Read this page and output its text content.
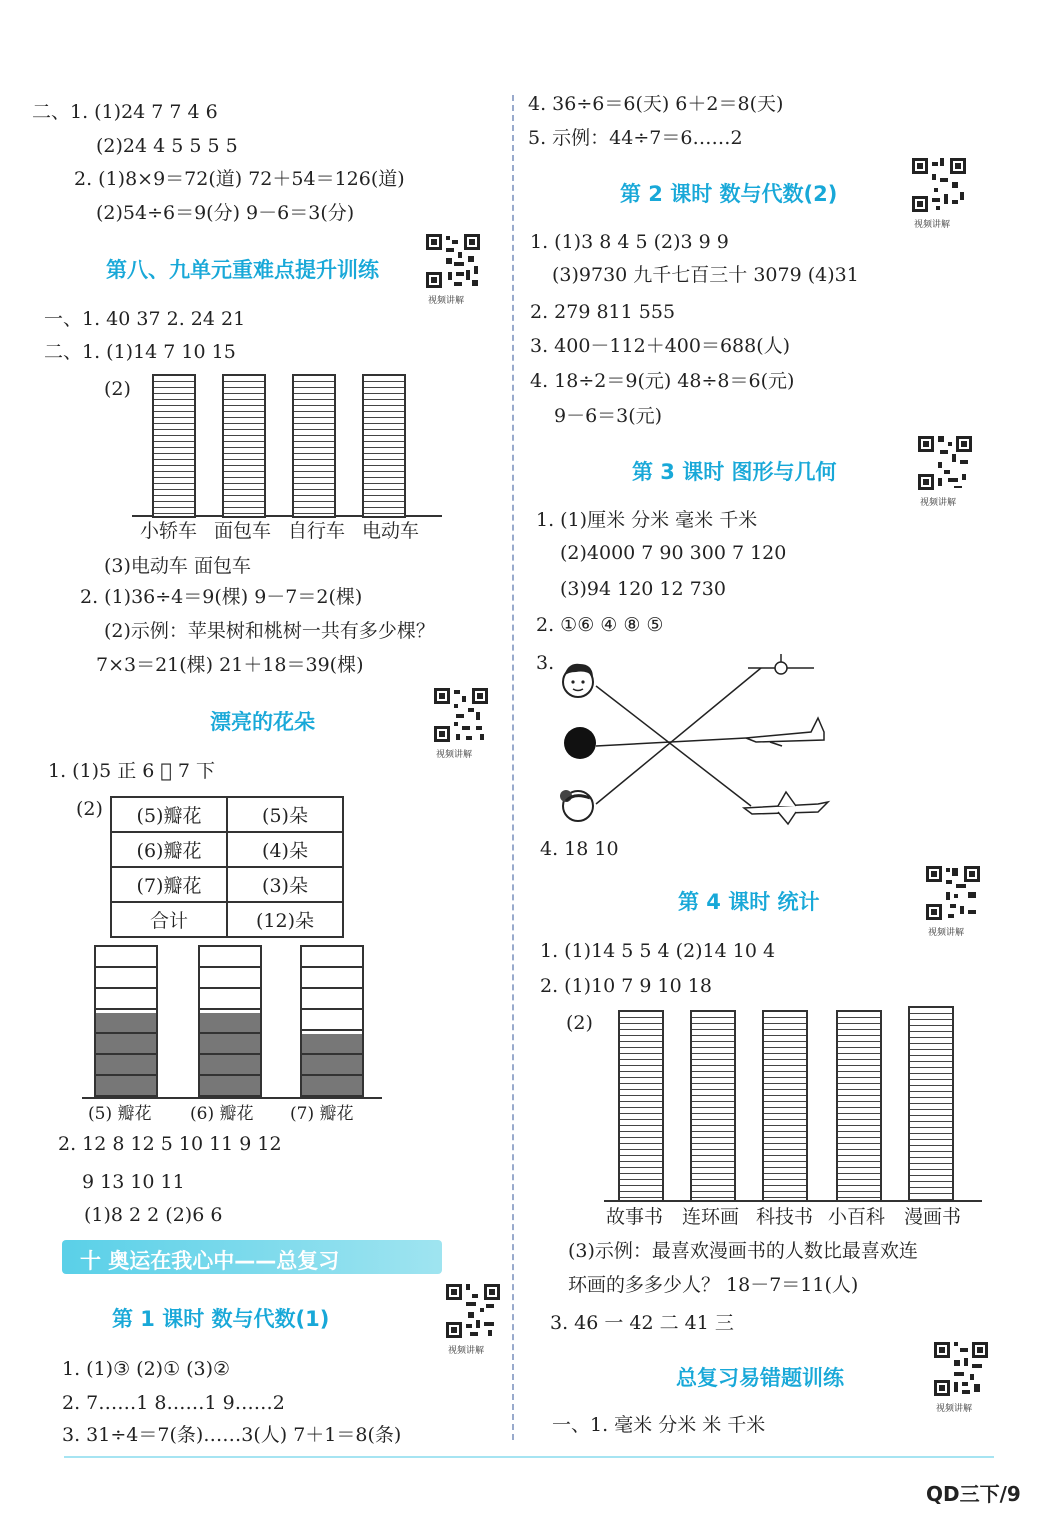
二、1. (1)24 7 7 4 6
(2)24 4 5 5 5 5
2. (1)8×9＝72(道) 72＋54＝126(道)
(2)54÷6＝9(分) 9－6＝3(分)
第八、九单元重难点提升训练
视频讲解
一、1. 40 37 2. 24 21
二、1. (1)14 7 10 15
(2)
小轿车 面包车 自行车 电动车
(3)电动车 面包车
2. (1)36÷4＝9(棵) 9－7＝2(棵)
(2)示例：苹果树和桃树一共有多少棵？
7×3＝21(棵) 21＋18＝39(棵)
漂亮的花朵
视频讲解
1. (1)5 正 6 𠀆 7 下
(2) (5)瓣花	(5)朵
(6)瓣花	(4)朵
(7)瓣花	(3)朵
合计	(12)朵
(5) 瓣花 (6) 瓣花 (7) 瓣花
2. 12 8 12 5 10 11 9 12
9 13 10 11
(1)8 2 2 (2)6 6
十 奥运在我心中——总复习
第 1 课时 数与代数(1)
视频讲解
1. (1)③ (2)① (3)②
2. 7……1 8……1 9……2
3. 31÷4＝7(条)……3(人) 7＋1＝8(条)
4. 36÷6＝6(天) 6＋2＝8(天)
5. 示例：44÷7＝6……2
第 2 课时 数与代数(2)
视频讲解
1. (1)3 8 4 5 (2)3 9 9
(3)9730 九千七百三十 3079 (4)31
2. 279 811 555
3. 400－112＋400＝688(人)
4. 18÷2＝9(元) 48÷8＝6(元)
9－6＝3(元)
第 3 课时 图形与几何
视频讲解
1. (1)厘米 分米 毫米 千米
(2)4000 7 90 300 7 120
(3)94 120 12 730
2. ①⑥ ④ ⑧ ⑤
3.
4. 18 10
第 4 课时 统计
视频讲解
1. (1)14 5 5 4 (2)14 10 4
2. (1)10 7 9 10 18
(2)
故事书 连环画 科技书 小百科 漫画书
(3)示例：最喜欢漫画书的人数比最喜欢连
环画的多多少人？ 18－7＝11(人)
3. 46 一 42 二 41 三
总复习易错题训练
视频讲解
一、1. 毫米 分米 米 千米
QD三下/9
